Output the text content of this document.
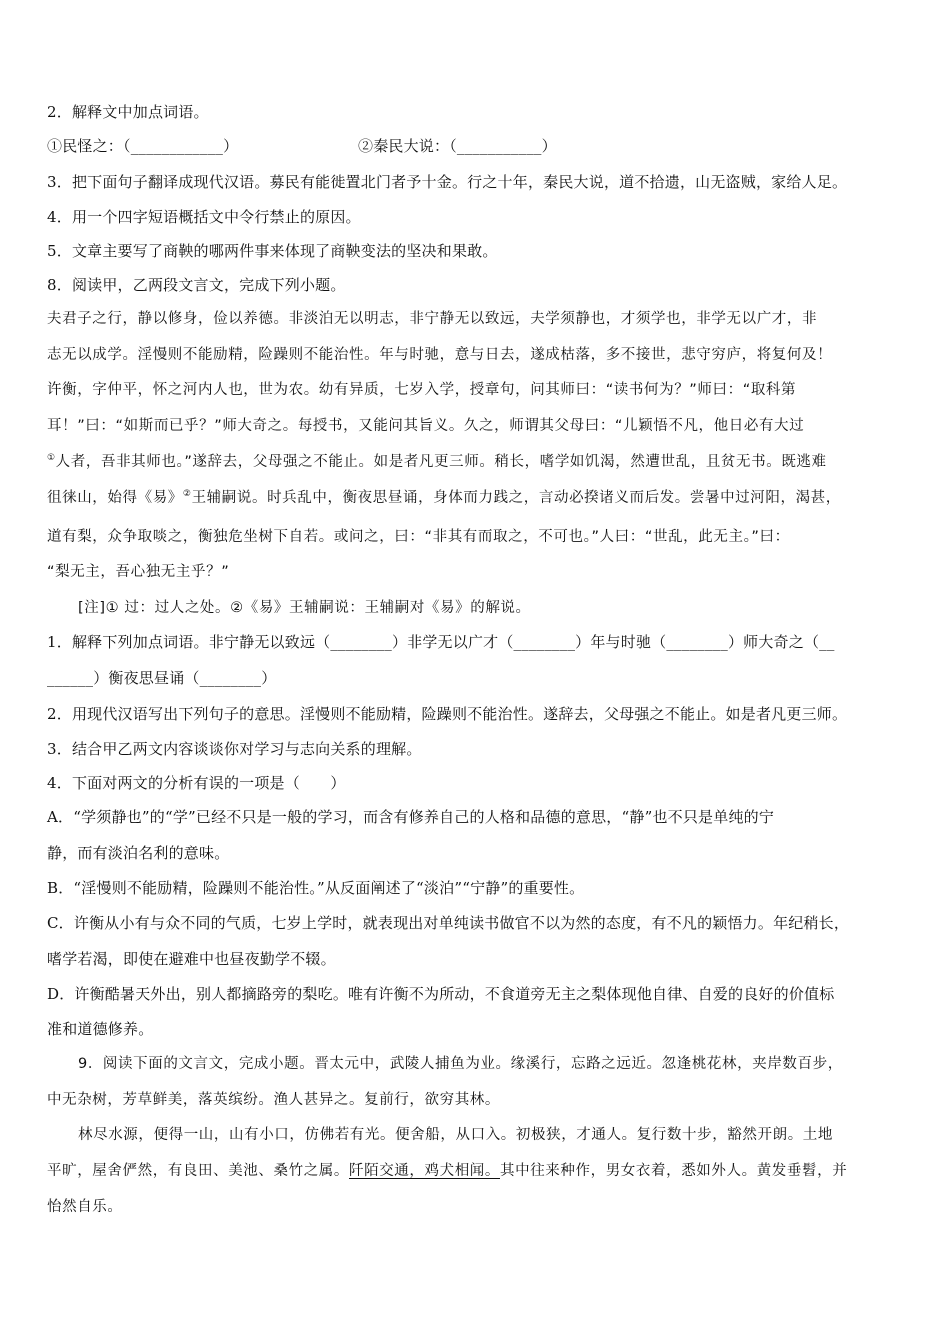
2．解释文中加点词语。
①民怪之：（____________）	②秦民大说：（___________）
3．把下面句子翻译成现代汉语。募民有能徙置北门者予十金。行之十年，秦民大说，道不拾遗，山无盗贼，家给人足。
4．用一个四字短语概括文中令行禁止的原因。
5．文章主要写了商鞅的哪两件事来体现了商鞅变法的坚决和果敢。
8．阅读甲，乙两段文言文，完成下列小题。
夫君子之行，静以修身，俭以养德。非淡泊无以明志，非宁静无以致远，夫学须静也，才须学也，非学无以广才，非
志无以成学。淫慢则不能励精，险躁则不能治性。年与时驰，意与日去，遂成枯落，多不接世，悲守穷庐，将复何及！
许衡，字仲平，怀之河内人也，世为农。幼有异质，七岁入学，授章句，问其师曰：“读书何为？”师曰：“取科第
耳！”曰：“如斯而已乎？”师大奇之。每授书，又能问其旨义。久之，师谓其父母曰：“儿颖悟不凡，他日必有大过
①人者，吾非其师也。”遂辞去，父母强之不能止。如是者凡更三师。稍长，嗜学如饥渴，然遭世乱，且贫无书。既逃难
徂徕山，始得《易》②王辅嗣说。时兵乱中，衡夜思昼诵，身体而力践之，言动必揆诸义而后发。尝暑中过河阳，渴甚，
道有梨，众争取啖之，衡独危坐树下自若。或问之，曰：“非其有而取之，不可也。”人曰：“世乱，此无主。”曰：
“梨无主，吾心独无主乎？”
[注]① 过：过人之处。②《易》王辅嗣说：王辅嗣对《易》的解说。
1．解释下列加点词语。非宁静无以致远（________）非学无以广才（________）年与时驰（________）师大奇之（__
______）衡夜思昼诵（________）
2．用现代汉语写出下列句子的意思。淫慢则不能励精，险躁则不能治性。遂辞去，父母强之不能止。如是者凡更三师。
3．结合甲乙两文内容谈谈你对学习与志向关系的理解。
4．下面对两文的分析有误的一项是（　　）
A．“学须静也”的“学”已经不只是一般的学习，而含有修养自己的人格和品德的意思，“静”也不只是单纯的宁
静，而有淡泊名利的意味。
B．“淫慢则不能励精，险躁则不能治性。”从反面阐述了“淡泊”“宁静”的重要性。
C．许衡从小有与众不同的气质，七岁上学时，就表现出对单纯读书做官不以为然的态度，有不凡的颖悟力。年纪稍长，
嗜学若渴，即使在避难中也昼夜勤学不辍。
D．许衡酷暑天外出，别人都摘路旁的梨吃。唯有许衡不为所动，不食道旁无主之梨体现他自律、自爱的良好的价值标
准和道德修养。
9．阅读下面的文言文，完成小题。晋太元中，武陵人捕鱼为业。缘溪行，忘路之远近。忽逢桃花林，夹岸数百步，
中无杂树，芳草鲜美，落英缤纷。渔人甚异之。复前行，欲穷其林。
林尽水源，便得一山，山有小口，仿佛若有光。便舍船，从口入。初极狭，才通人。复行数十步，豁然开朗。土地
平旷，屋舍俨然，有良田、美池、桑竹之属。阡陌交通，鸡犬相闻。其中往来种作，男女衣着，悉如外人。黄发垂髫，并
怡然自乐。
